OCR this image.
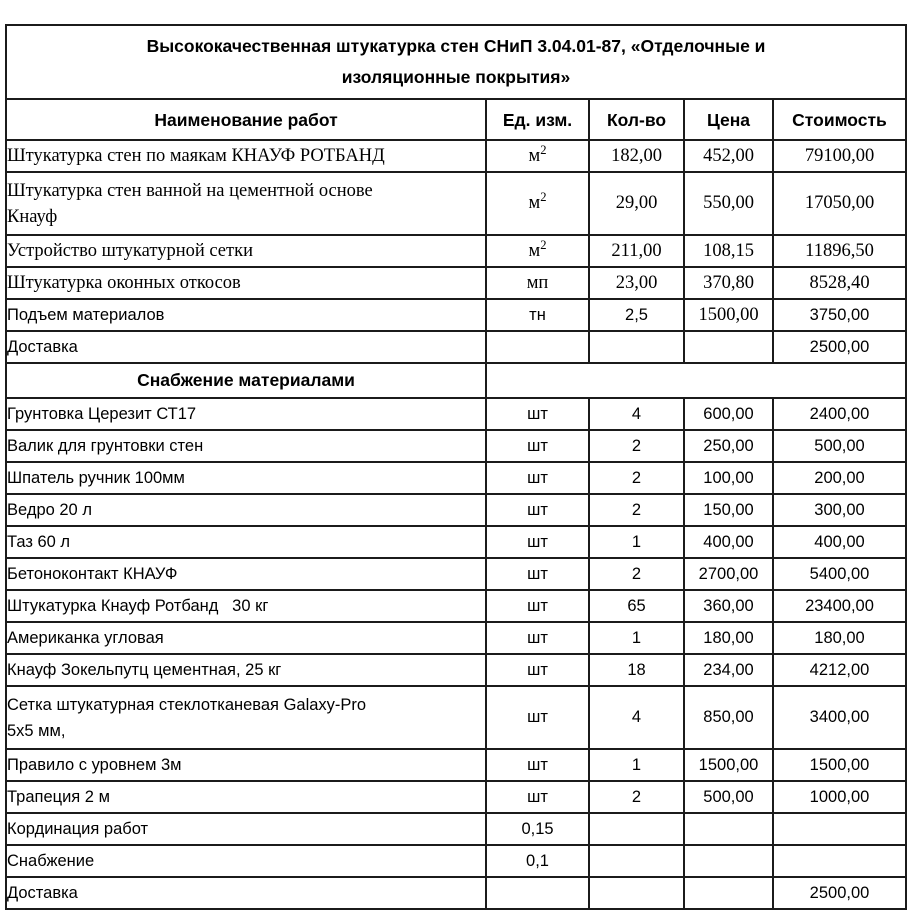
Высококачественная штукатурка стен СНиП 3.04.01-87, «Отделочные и
изоляционные покрытия»				
Наименование работ	Ед. изм.	Кол-во	Цена	Стоимость
Штукатурка стен по маякам КНАУФ РОТБАНД	$м^2$	182,00	452,00	79100,00
Штукатурка стен ванной на цементной основе
Кнауф	$м^2$	29,00	550,00	17050,00
Устройство штукатурной сетки	$м^2$	211,00	108,15	11896,50
Штукатурка оконных откосов	мп	23,00	370,80	8528,40
Подъем материалов	тн	2,5	1500,00	3750,00
Доставка				2500,00
Снабжение материалами				
Грунтовка Церезит СТ17	шт	4	600,00	2400,00
Валик для грунтовки стен	шт	2	250,00	500,00
Шпатель ручник 100мм	шт	2	100,00	200,00
Ведро 20 л	шт	2	150,00	300,00
Таз 60 л	шт	1	400,00	400,00
Бетоноконтакт КНАУФ	шт	2	2700,00	5400,00
Штукатурка Кнауф Ротбанд   30 кг	шт	65	360,00	23400,00
Американка угловая	шт	1	180,00	180,00
Кнауф Зокельпутц цементная, 25 кг	шт	18	234,00	4212,00
Сетка штукатурная стеклотканевая Galaxy-Pro
5х5 мм,	шт	4	850,00	3400,00
Правило с уровнем 3м	шт	1	1500,00	1500,00
Трапеция 2 м	шт	2	500,00	1000,00
Кординация работ	0,15			
Снабжение	0,1			
Доставка				2500,00
